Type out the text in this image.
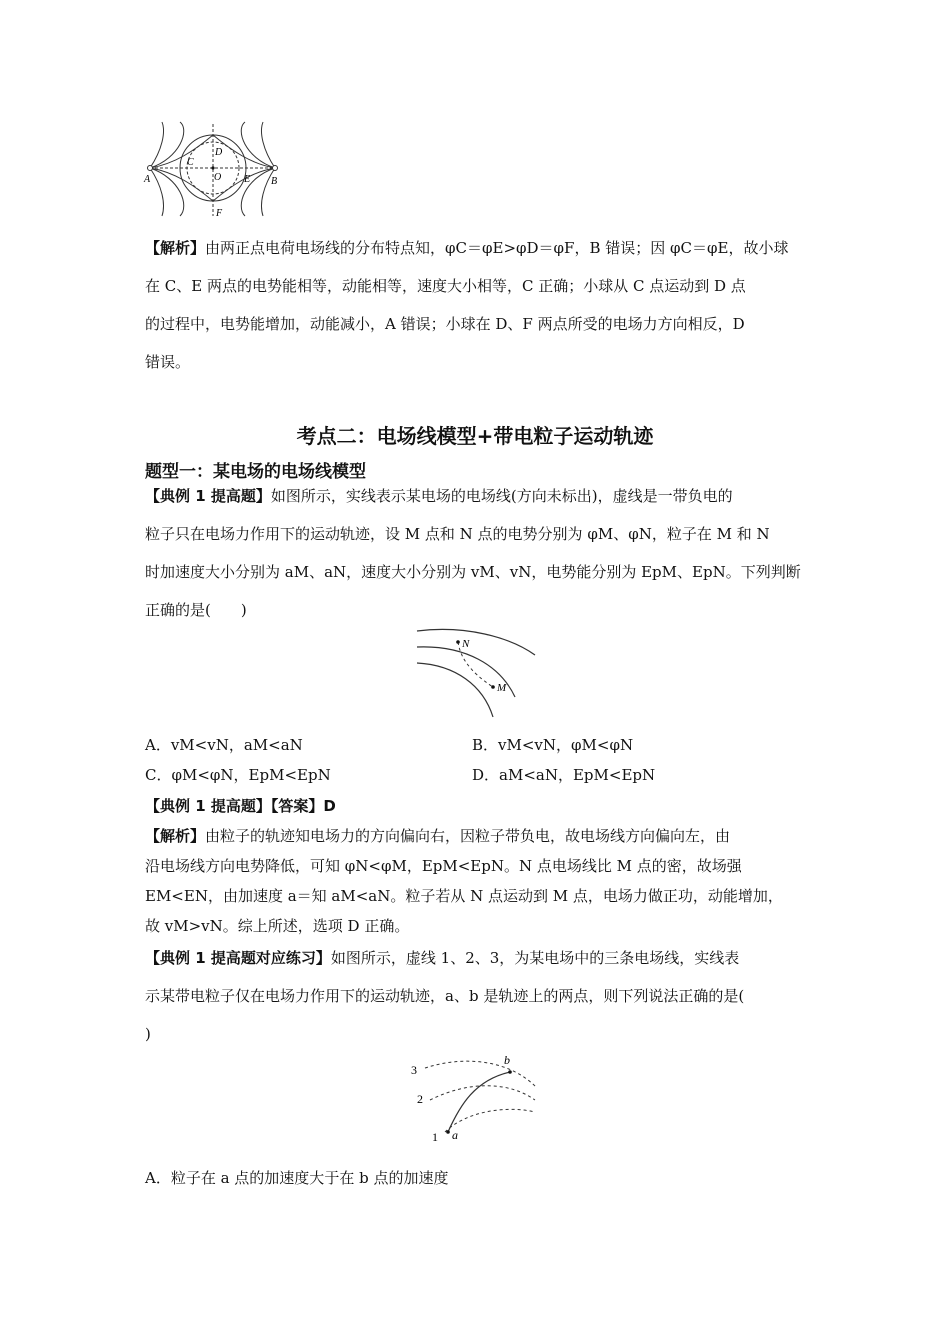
A	B
C
D
E
F
O
【解析】由两正点电荷电场线的分布特点知，φC＝φE>φD＝φF，B 错误；因 φC＝φE，故小球
在 C、E 两点的电势能相等，动能相等，速度大小相等，C 正确；小球从 C 点运动到 D 点
的过程中，电势能增加，动能减小，A 错误；小球在 D、F 两点所受的电场力方向相反，D
错误。
考点二：电场线模型+带电粒子运动轨迹
题型一：某电场的电场线模型
【典例 1 提高题】如图所示，实线表示某电场的电场线(方向未标出)，虚线是一带负电的
粒子只在电场力作用下的运动轨迹，设 M 点和 N 点的电势分别为 φM、φN，粒子在 M 和 N
时加速度大小分别为 aM、aN，速度大小分别为 vM、vN，电势能分别为 EpM、EpN。下列判断
正确的是(　　)
N
M
A．vM<vN，aM<aN	B．vM<vN，φM<φN
C．φM<φN，EpM<EpN	D．aM<aN，EpM<EpN
【典例 1 提高题】【答案】D
【解析】由粒子的轨迹知电场力的方向偏向右，因粒子带负电，故电场线方向偏向左，由
沿电场线方向电势降低，可知 φN<φM，EpM<EpN。N 点电场线比 M 点的密，故场强
EM<EN，由加速度 a＝知 aM<aN。粒子若从 N 点运动到 M 点，电场力做正功，动能增加，
故 vM>vN。综上所述，选项 D 正确。
【典例 1 提高题对应练习】如图所示，虚线 1、2、3，为某电场中的三条电场线，实线表
示某带电粒子仅在电场力作用下的运动轨迹，a、b 是轨迹上的两点，则下列说法正确的是(
)
3
2
1 a
b
A．粒子在 a 点的加速度大于在 b 点的加速度
